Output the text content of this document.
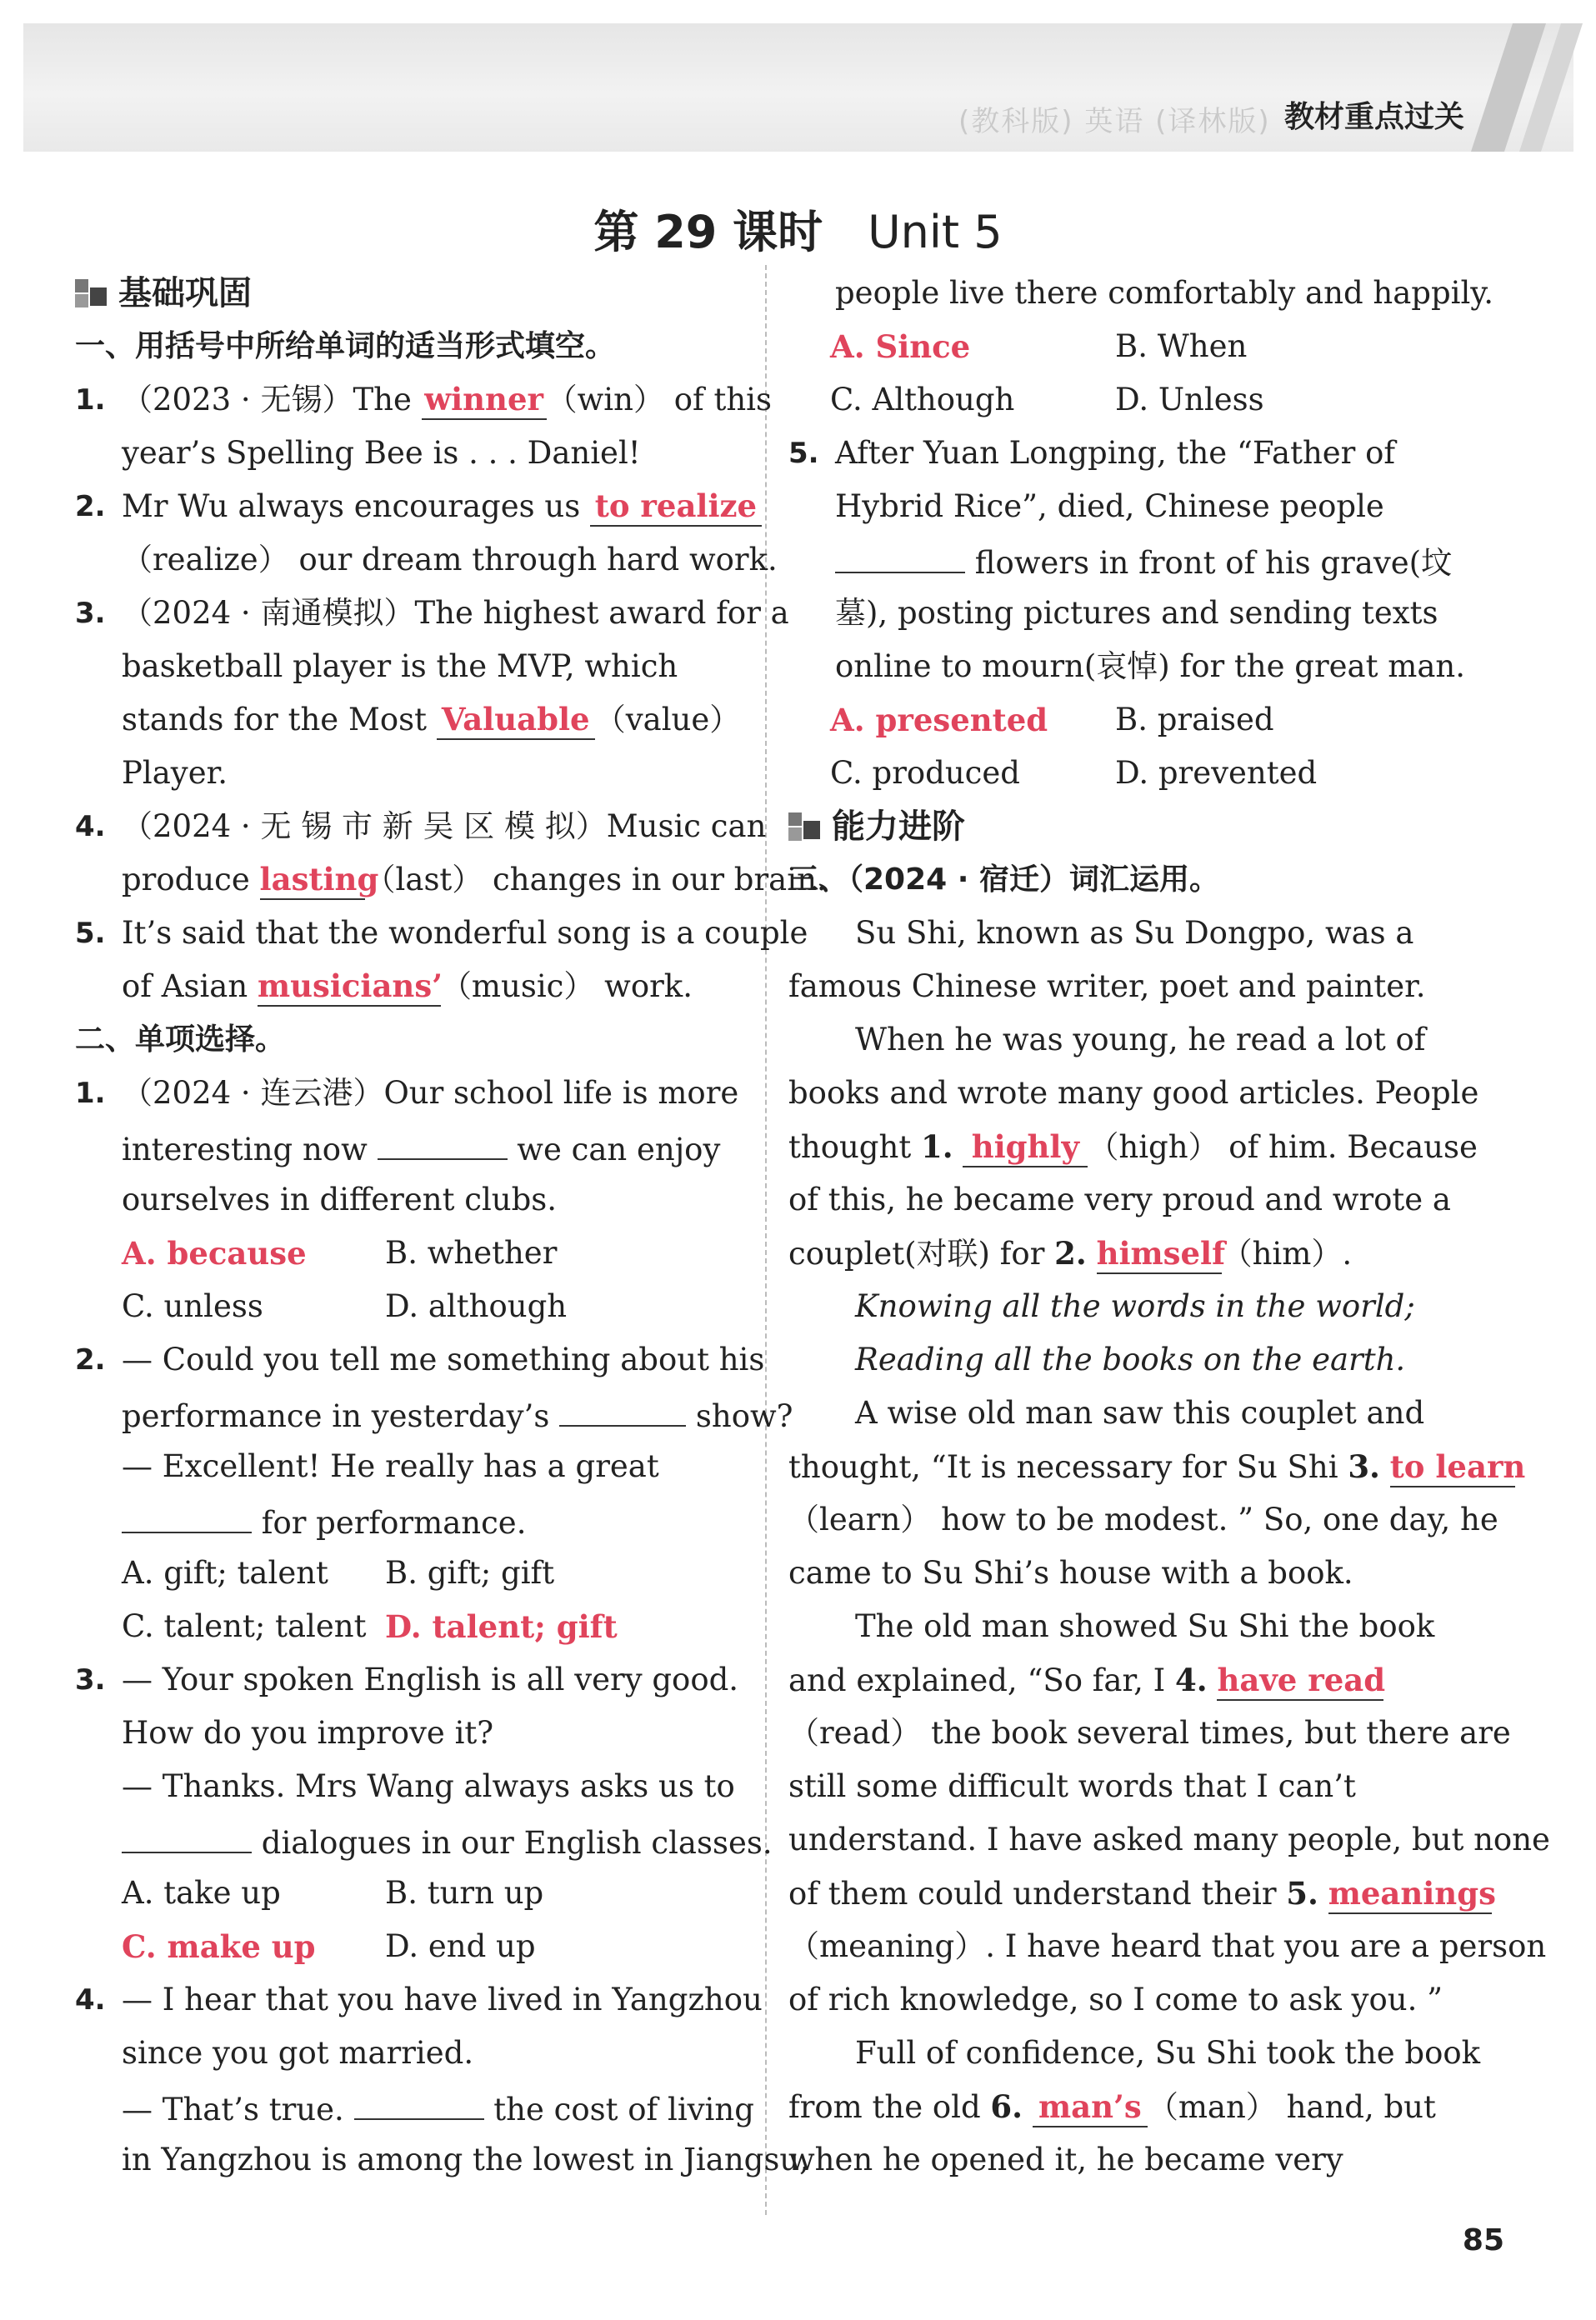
(教科版) 英语 (译林版) 教材重点过关
第 29 课时 Unit 5
基础巩固
一、用括号中所给单词的适当形式填空。
1. （2023 · 无锡）The winner（win） of this
year’s Spelling Bee is . . . Daniel!
2. Mr Wu always encourages us to realize
（realize） our dream through hard work.
3. （2024 · 南通模拟）The highest award for a
basketball player is the MVP, which
stands for the Most Valuable （value）
Player.
4. （2024 · 无 锡 市 新 吴 区 模 拟）Music can
produce lasting（last） changes in our brain.
5. It’s said that the wonderful song is a couple
of Asian musicians’（music） work.
二、单项选择。
1. （2024 · 连云港）Our school life is more
interesting now	we can enjoy
ourselves in different clubs.
A. because	B. whether
C. unless	D. although
2. — Could you tell me something about his
performance in yesterday’s	show?
— Excellent! He really has a great
for performance.
A. gift; talent B. gift; gift
C. talent; talent D. talent; gift
3. — Your spoken English is all very good.
How do you improve it?
— Thanks. Mrs Wang always asks us to
dialogues in our English classes.
A. take up	B. turn up
C. make up D. end up
4. — I hear that you have lived in Yangzhou
since you got married.
— That’s true.	the cost of living
in Yangzhou is among the lowest in Jiangsu,
people live there comfortably and happily.
A. Since	B. When
C. Although	D. Unless
5. After Yuan Longping, the “Father of
Hybrid Rice”, died, Chinese people
flowers in front of his grave(坟
墓), posting pictures and sending texts
online to mourn(哀悼) for the great man.
A. presented B. praised
C. produced	D. prevented
能力进阶
三、（2024 · 宿迁）词汇运用。
Su Shi, known as Su Dongpo, was a
famous Chinese writer, poet and painter.
When he was young, he read a lot of
books and wrote many good articles. People
thought 1. highly （high） of him. Because
of this, he became very proud and wrote a
couplet(对联) for 2. himself（him）.
Knowing all the words in the world;
Reading all the books on the earth.
A wise old man saw this couplet and
thought, “It is necessary for Su Shi 3. to learn
（learn） how to be modest. ” So, one day, he
came to Su Shi’s house with a book.
The old man showed Su Shi the book
and explained, “So far, I 4. have read
（read） the book several times, but there are
still some difficult words that I can’t
understand. I have asked many people, but none
of them could understand their 5. meanings
（meaning）. I have heard that you are a person
of rich knowledge, so I come to ask you. ”
Full of confidence, Su Shi took the book
from the old 6. man’s （man） hand, but
when he opened it, he became very
85
